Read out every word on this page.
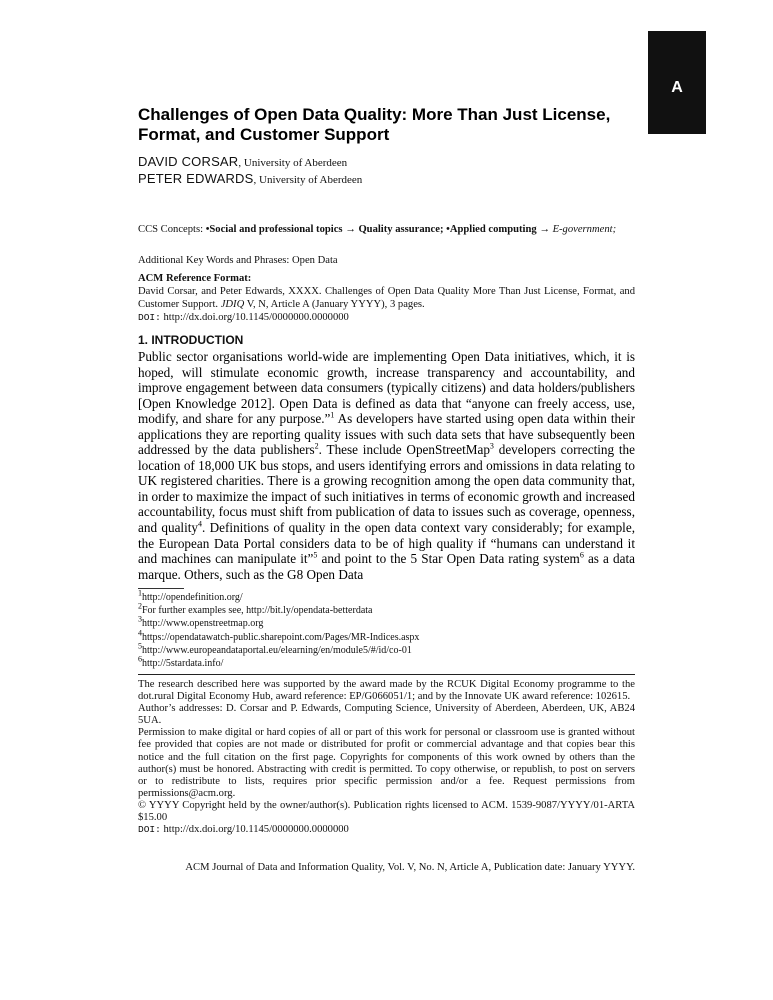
A
Challenges of Open Data Quality: More Than Just License, Format, and Customer Support
DAVID CORSAR, University of Aberdeen
PETER EDWARDS, University of Aberdeen
CCS Concepts: •Social and professional topics → Quality assurance; •Applied computing → E-government;
Additional Key Words and Phrases: Open Data
ACM Reference Format:
David Corsar, and Peter Edwards, XXXX. Challenges of Open Data Quality More Than Just License, Format, and Customer Support. JDIQ V, N, Article A (January YYYY), 3 pages.
DOI: http://dx.doi.org/10.1145/0000000.0000000
1. INTRODUCTION
Public sector organisations world-wide are implementing Open Data initiatives, which, it is hoped, will stimulate economic growth, increase transparency and accountability, and improve engagement between data consumers (typically citizens) and data holders/publishers [Open Knowledge 2012]. Open Data is defined as data that “anyone can freely access, use, modify, and share for any purpose.”$^1$ As developers have started using open data within their applications they are reporting quality issues with such data sets that have subsequently been addressed by the data publishers$^2$. These include OpenStreetMap$^3$ developers correcting the location of 18,000 UK bus stops, and users identifying errors and omissions in data relating to UK registered charities. There is a growing recognition among the open data community that, in order to maximize the impact of such initiatives in terms of economic growth and increased accountability, focus must shift from publication of data to issues such as coverage, openness, and quality$^4$. Definitions of quality in the open data context vary considerably; for example, the European Data Portal considers data to be of high quality if “humans can understand it and machines can manipulate it”$^5$ and point to the 5 Star Open Data rating system$^6$ as a data marque. Others, such as the G8 Open Data
$^1$http://opendefinition.org/
$^2$For further examples see, http://bit.ly/opendata-betterdata
$^3$http://www.openstreetmap.org
$^4$https://opendatawatch-public.sharepoint.com/Pages/MR-Indices.aspx
$^5$http://www.europeandataportal.eu/elearning/en/module5/#/id/co-01
$^6$http://5stardata.info/

The research described here was supported by the award made by the RCUK Digital Economy programme to the dot.rural Digital Economy Hub, award reference: EP/G066051/1; and by the Innovate UK award reference: 102615.

Author’s addresses: D. Corsar and P. Edwards, Computing Science, University of Aberdeen, Aberdeen, UK, AB24 5UA.

Permission to make digital or hard copies of all or part of this work for personal or classroom use is granted without fee provided that copies are not made or distributed for profit or commercial advantage and that copies bear this notice and the full citation on the first page. Copyrights for components of this work owned by others than the author(s) must be honored. Abstracting with credit is permitted. To copy otherwise, or republish, to post on servers or to redistribute to lists, requires prior specific permission and/or a fee. Request permissions from permissions@acm.org.

© YYYY Copyright held by the owner/author(s). Publication rights licensed to ACM. 1539-9087/YYYY/01-ARTA $15.00

DOI: http://dx.doi.org/10.1145/0000000.0000000

ACM Journal of Data and Information Quality, Vol. V, No. N, Article A, Publication date: January YYYY.
